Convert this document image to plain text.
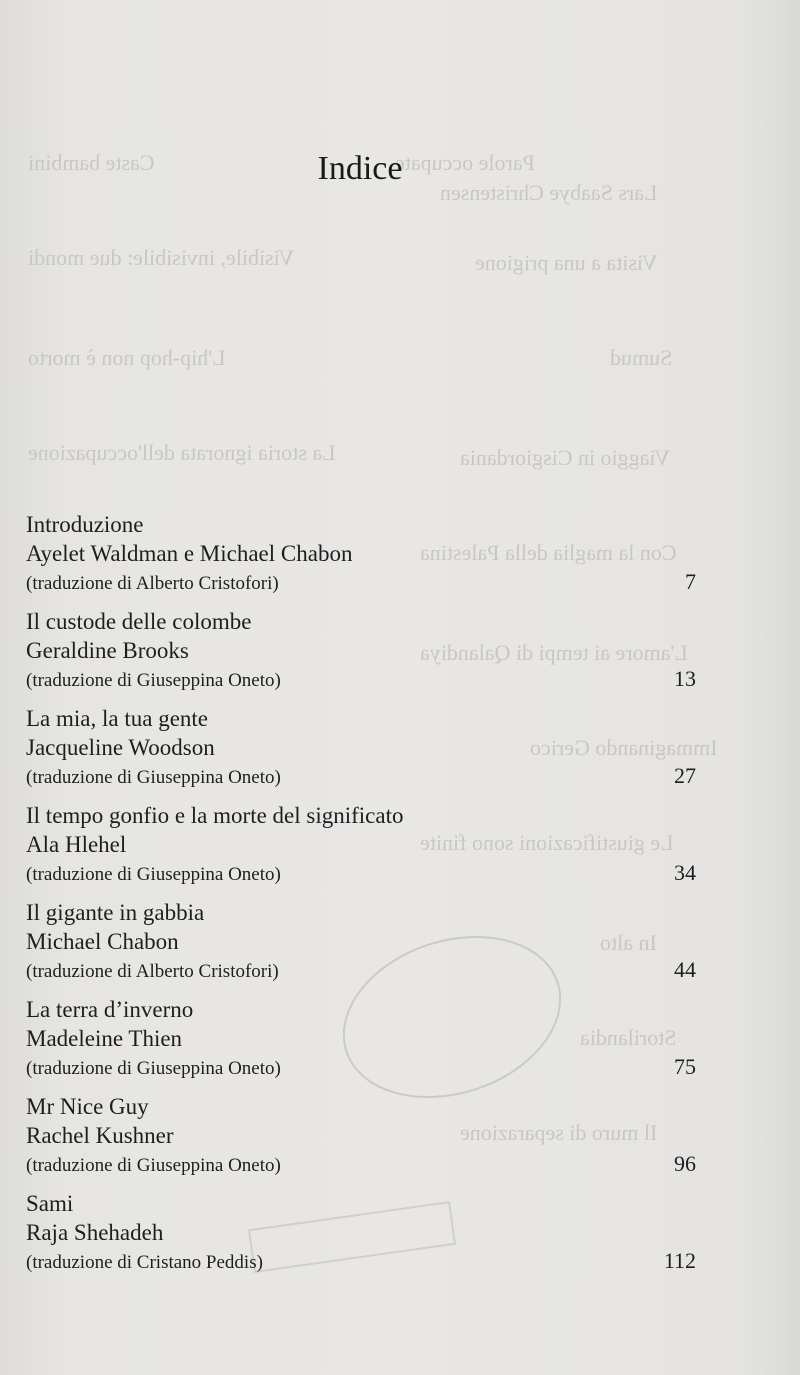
Parole occupate
Lars Saabye Christensen
Caste bambini
Visita a una prigione
Visibile, invisibile: due mondi
Sumud
L'hip-hop non è morto
Viaggio in Cisgiordania
La storia ignorata dell'occupazione
Con la maglia della Palestina
L'amore ai tempi di Qalandiya
Immaginando Gerico
Le giustificazioni sono finite
In alto
Storilandia
Il muro di separazione
Indice
Introduzione
Ayelet Waldman e Michael Chabon
(traduzione di Alberto Cristofori)	7
Il custode delle colombe
Geraldine Brooks
(traduzione di Giuseppina Oneto)	13
La mia, la tua gente
Jacqueline Woodson
(traduzione di Giuseppina Oneto)	27
Il tempo gonfio e la morte del significato
Ala Hlehel
(traduzione di Giuseppina Oneto)	34
Il gigante in gabbia
Michael Chabon
(traduzione di Alberto Cristofori)	44
La terra d’inverno
Madeleine Thien
(traduzione di Giuseppina Oneto)	75
Mr Nice Guy
Rachel Kushner
(traduzione di Giuseppina Oneto)	96
Sami
Raja Shehadeh
(traduzione di Cristano Peddis)	112
